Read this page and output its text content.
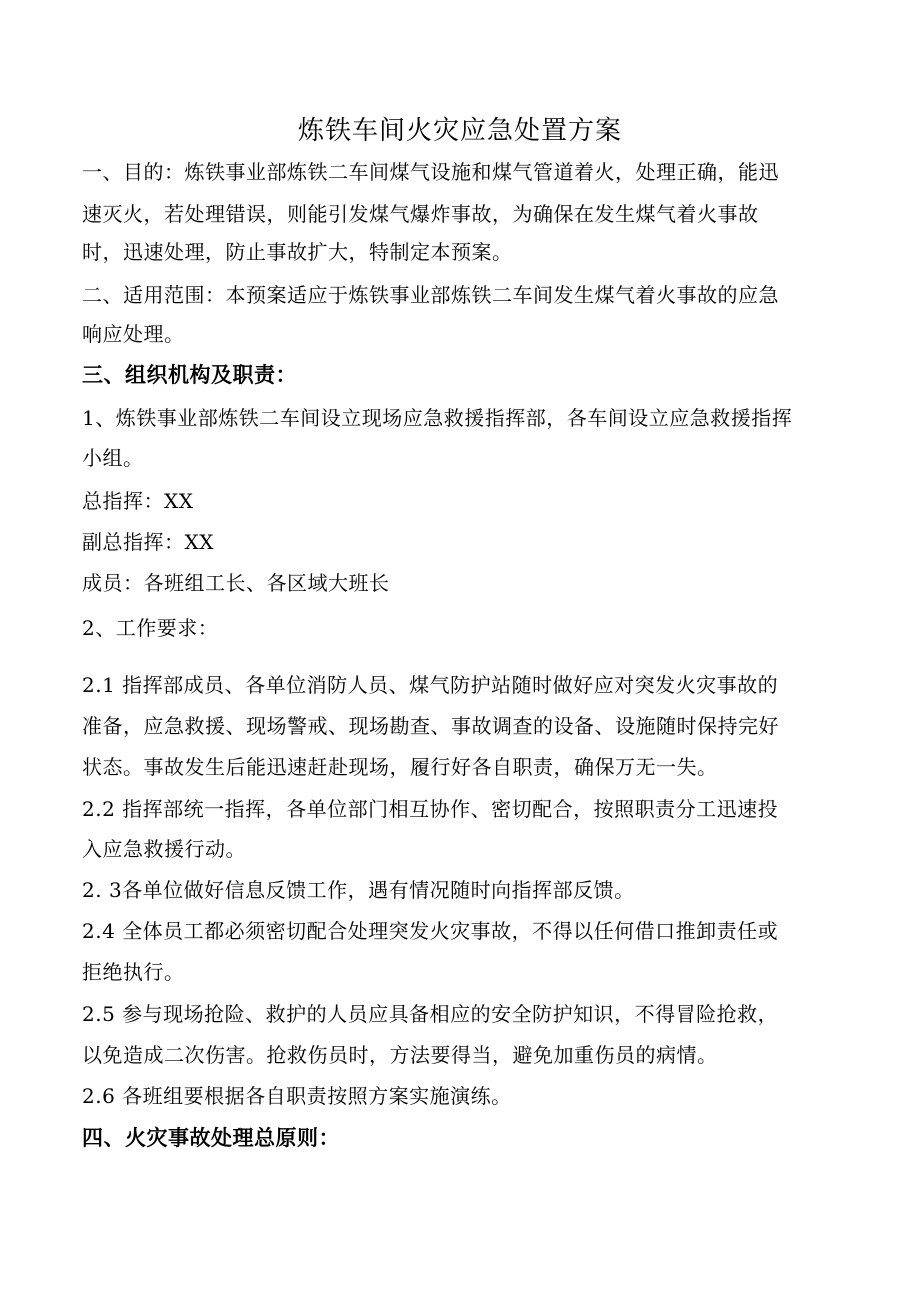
炼铁车间火灾应急处置方案
一、目的：炼铁事业部炼铁二车间煤气设施和煤气管道着火，处理正确，能迅
速灭火，若处理错误，则能引发煤气爆炸事故，为确保在发生煤气着火事故
时，迅速处理，防止事故扩大，特制定本预案。
二、适用范围：本预案适应于炼铁事业部炼铁二车间发生煤气着火事故的应急
响应处理。
三、组织机构及职责：
1、炼铁事业部炼铁二车间设立现场应急救援指挥部，各车间设立应急救援指挥
小组。
总指挥：XX
副总指挥：XX
成员：各班组工长、各区域大班长
2、工作要求：
2.1 指挥部成员、各单位消防人员、煤气防护站随时做好应对突发火灾事故的
准备，应急救援、现场警戒、现场勘查、事故调查的设备、设施随时保持完好
状态。事故发生后能迅速赶赴现场，履行好各自职责，确保万无一失。
2.2 指挥部统一指挥，各单位部门相互协作、密切配合，按照职责分工迅速投
入应急救援行动。
2. 3各单位做好信息反馈工作，遇有情况随时向指挥部反馈。
2.4 全体员工都必须密切配合处理突发火灾事故，不得以任何借口推卸责任或
拒绝执行。
2.5 参与现场抢险、救护的人员应具备相应的安全防护知识，不得冒险抢救，
以免造成二次伤害。抢救伤员时，方法要得当，避免加重伤员的病情。
2.6 各班组要根据各自职责按照方案实施演练。
四、火灾事故处理总原则：
